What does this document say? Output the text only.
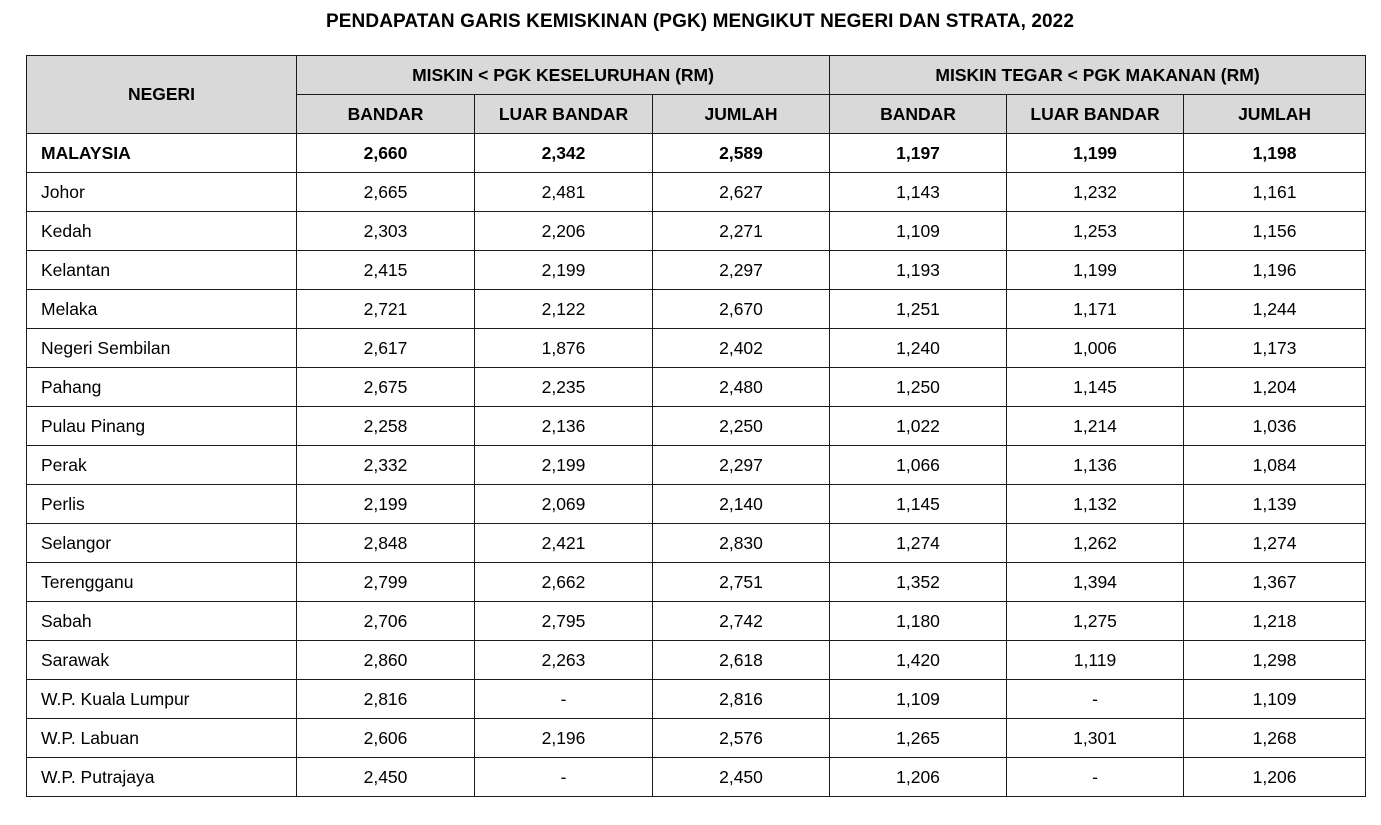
PENDAPATAN GARIS KEMISKINAN (PGK) MENGIKUT NEGERI DAN STRATA, 2022
NEGERI	MISKIN < PGK KESELURUHAN (RM)			MISKIN TEGAR < PGK MAKANAN (RM)		
	BANDAR	LUAR BANDAR	JUMLAH	BANDAR	LUAR BANDAR	JUMLAH
MALAYSIA	2,660	2,342	2,589	1,197	1,199	1,198
Johor	2,665	2,481	2,627	1,143	1,232	1,161
Kedah	2,303	2,206	2,271	1,109	1,253	1,156
Kelantan	2,415	2,199	2,297	1,193	1,199	1,196
Melaka	2,721	2,122	2,670	1,251	1,171	1,244
Negeri Sembilan	2,617	1,876	2,402	1,240	1,006	1,173
Pahang	2,675	2,235	2,480	1,250	1,145	1,204
Pulau Pinang	2,258	2,136	2,250	1,022	1,214	1,036
Perak	2,332	2,199	2,297	1,066	1,136	1,084
Perlis	2,199	2,069	2,140	1,145	1,132	1,139
Selangor	2,848	2,421	2,830	1,274	1,262	1,274
Terengganu	2,799	2,662	2,751	1,352	1,394	1,367
Sabah	2,706	2,795	2,742	1,180	1,275	1,218
Sarawak	2,860	2,263	2,618	1,420	1,119	1,298
W.P. Kuala Lumpur	2,816	-	2,816	1,109	-	1,109
W.P. Labuan	2,606	2,196	2,576	1,265	1,301	1,268
W.P. Putrajaya	2,450	-	2,450	1,206	-	1,206
